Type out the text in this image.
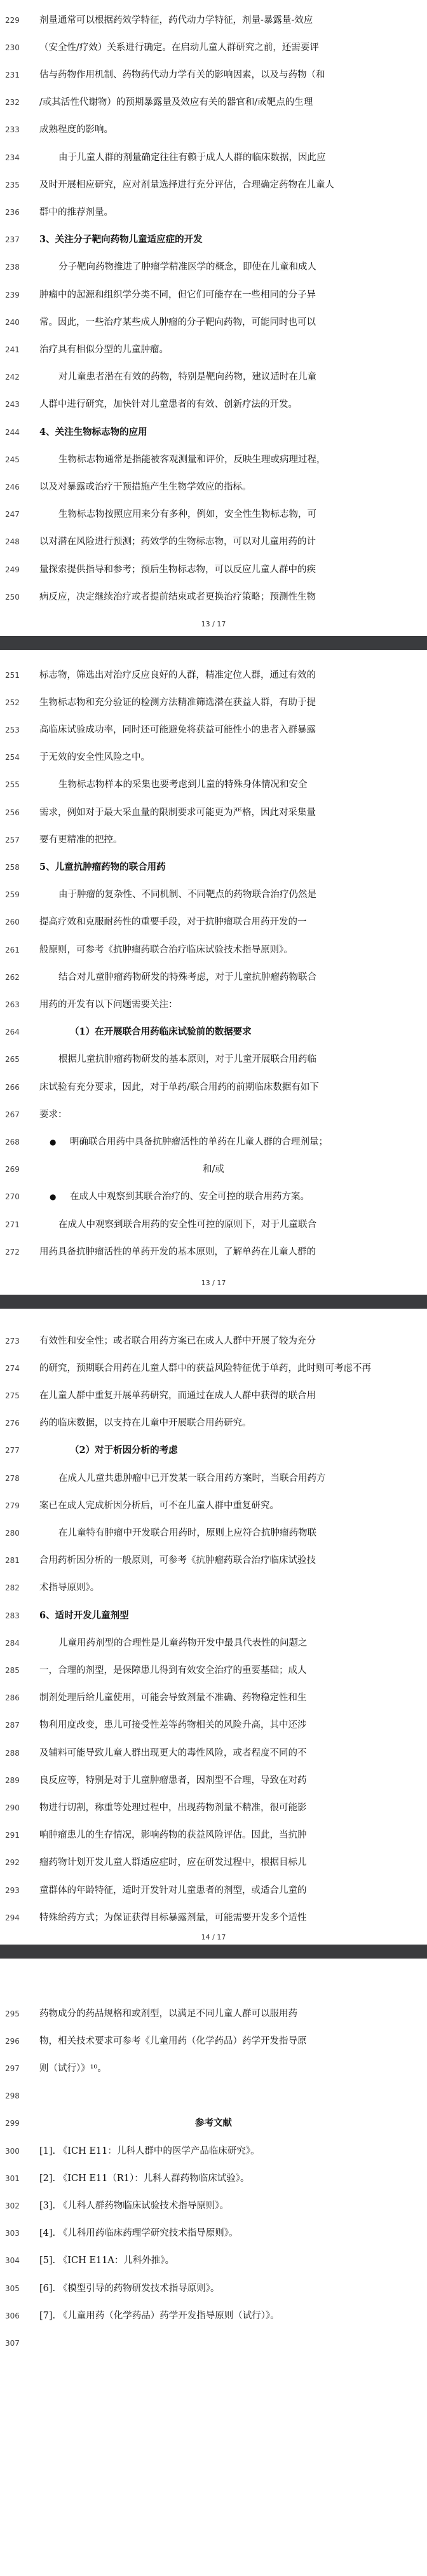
229	剂量通常可以根据药效学特征，药代动力学特征，剂量-暴露量-效应
230	（安全性/疗效）关系进行确定。在启动儿童人群研究之前，还需要评
231	估与药物作用机制、药物药代动力学有关的影响因素，以及与药物（和
232	/或其活性代谢物）的预期暴露量及效应有关的器官和/或靶点的生理
233	成熟程度的影响。
234	由于儿童人群的剂量确定往往有赖于成人人群的临床数据，因此应
235	及时开展相应研究，应对剂量选择进行充分评估，合理确定药物在儿童人
236	群中的推荐剂量。
237	3、关注分子靶向药物儿童适应症的开发
238	分子靶向药物推进了肿瘤学精准医学的概念，即使在儿童和成人
239	肿瘤中的起源和组织学分类不同，但它们可能存在一些相同的分子异
240	常。因此，一些治疗某些成人肿瘤的分子靶向药物，可能同时也可以
241	治疗具有相似分型的儿童肿瘤。
242	对儿童患者潜在有效的药物，特别是靶向药物，建议适时在儿童
243	人群中进行研究，加快针对儿童患者的有效、创新疗法的开发。
244	4、关注生物标志物的应用
245	生物标志物通常是指能被客观测量和评价，反映生理或病理过程，
246	以及对暴露或治疗干预措施产生生物学效应的指标。
247	生物标志物按照应用来分有多种，例如，安全性生物标志物，可
248	以对潜在风险进行预测；药效学的生物标志物，可以对儿童用药的计
249	量探索提供指导和参考；预后生物标志物，可以反应儿童人群中的疾
250	病反应，决定继续治疗或者提前结束或者更换治疗策略；预测性生物
13 / 17
251	标志物，筛选出对治疗反应良好的人群，精准定位人群，通过有效的
252	生物标志物和充分验证的检测方法精准筛选潜在获益人群，有助于提
253	高临床试验成功率，同时还可能避免将获益可能性小的患者入群暴露
254	于无效的安全性风险之中。
255	生物标志物样本的采集也要考虑到儿童的特殊身体情况和安全
256	需求，例如对于最大采血量的限制要求可能更为严格，因此对采集量
257	要有更精准的把控。
258	5、儿童抗肿瘤药物的联合用药
259	由于肿瘤的复杂性、不同机制、不同靶点的药物联合治疗仍然是
260	提高疗效和克服耐药性的重要手段，对于抗肿瘤联合用药开发的一
261	般原则，可参考《抗肿瘤药联合治疗临床试验技术指导原则》。
262	结合对儿童肿瘤药物研发的特殊考虑，对于儿童抗肿瘤药物联合
263	用药的开发有以下问题需要关注：
264	（1）在开展联合用药临床试验前的数据要求
265	根据儿童抗肿瘤药物研发的基本原则，对于儿童开展联合用药临
266	床试验有充分要求，因此，对于单药/联合用药的前期临床数据有如下
267	要求：
268	● 明确联合用药中具备抗肿瘤活性的单药在儿童人群的合理剂量；
269	和/或
270	● 在成人中观察到其联合治疗的、安全可控的联合用药方案。
271	在成人中观察到联合用药的安全性可控的原则下，对于儿童联合
272	用药具备抗肿瘤活性的单药开发的基本原则，了解单药在儿童人群的
13 / 17
273	有效性和安全性；或者联合用药方案已在成人人群中开展了较为充分
274	的研究，预期联合用药在儿童人群中的获益风险特征优于单药，此时则可考虑不再
275	在儿童人群中重复开展单药研究，而通过在成人人群中获得的联合用
276	药的临床数据，以支持在儿童中开展联合用药研究。
277	（2）对于析因分析的考虑
278	在成人儿童共患肿瘤中已开发某一联合用药方案时，当联合用药方
279	案已在成人完成析因分析后，可不在儿童人群中重复研究。
280	在儿童特有肿瘤中开发联合用药时，原则上应符合抗肿瘤药物联
281	合用药析因分析的一般原则，可参考《抗肿瘤药联合治疗临床试验技
282	术指导原则》。
283	6、适时开发儿童剂型
284	儿童用药剂型的合理性是儿童药物开发中最具代表性的问题之
285	一，合理的剂型，是保障患儿得到有效安全治疗的重要基础；成人
286	制剂处理后给儿童使用，可能会导致剂量不准确、药物稳定性和生
287	物利用度改变，患儿可接受性差等药物相关的风险升高，其中还涉
288	及辅料可能导致儿童人群出现更大的毒性风险，或者程度不同的不
289	良反应等，特别是对于儿童肿瘤患者，因剂型不合理，导致在对药
290	物进行切割，称重等处理过程中，出现药物剂量不精准，很可能影
291	响肿瘤患儿的生存情况，影响药物的获益风险评估。因此，当抗肿
292	瘤药物计划开发儿童人群适应症时，应在研发过程中，根据目标儿
293	童群体的年龄特征，适时开发针对儿童患者的剂型，或适合儿童的
294	特殊给药方式；为保证获得目标暴露剂量，可能需要开发多个适性
14 / 17
295	药物成分的药品规格和或剂型，以满足不同儿童人群可以服用药
296	物，相关技术要求可参考《儿童用药（化学药品）药学开发指导原
297	则（试行）》¹⁰。
298
299	参考文献
300	[1]. 《ICH E11：儿科人群中的医学产品临床研究》。
301	[2]. 《ICH E11（R1）：儿科人群药物临床试验》。
302	[3]. 《儿科人群药物临床试验技术指导原则》。
303	[4]. 《儿科用药临床药理学研究技术指导原则》。
304	[5]. 《ICH E11A：儿科外推》。
305	[6]. 《模型引导的药物研发技术指导原则》。
306	[7]. 《儿童用药（化学药品）药学开发指导原则（试行）》。
307
